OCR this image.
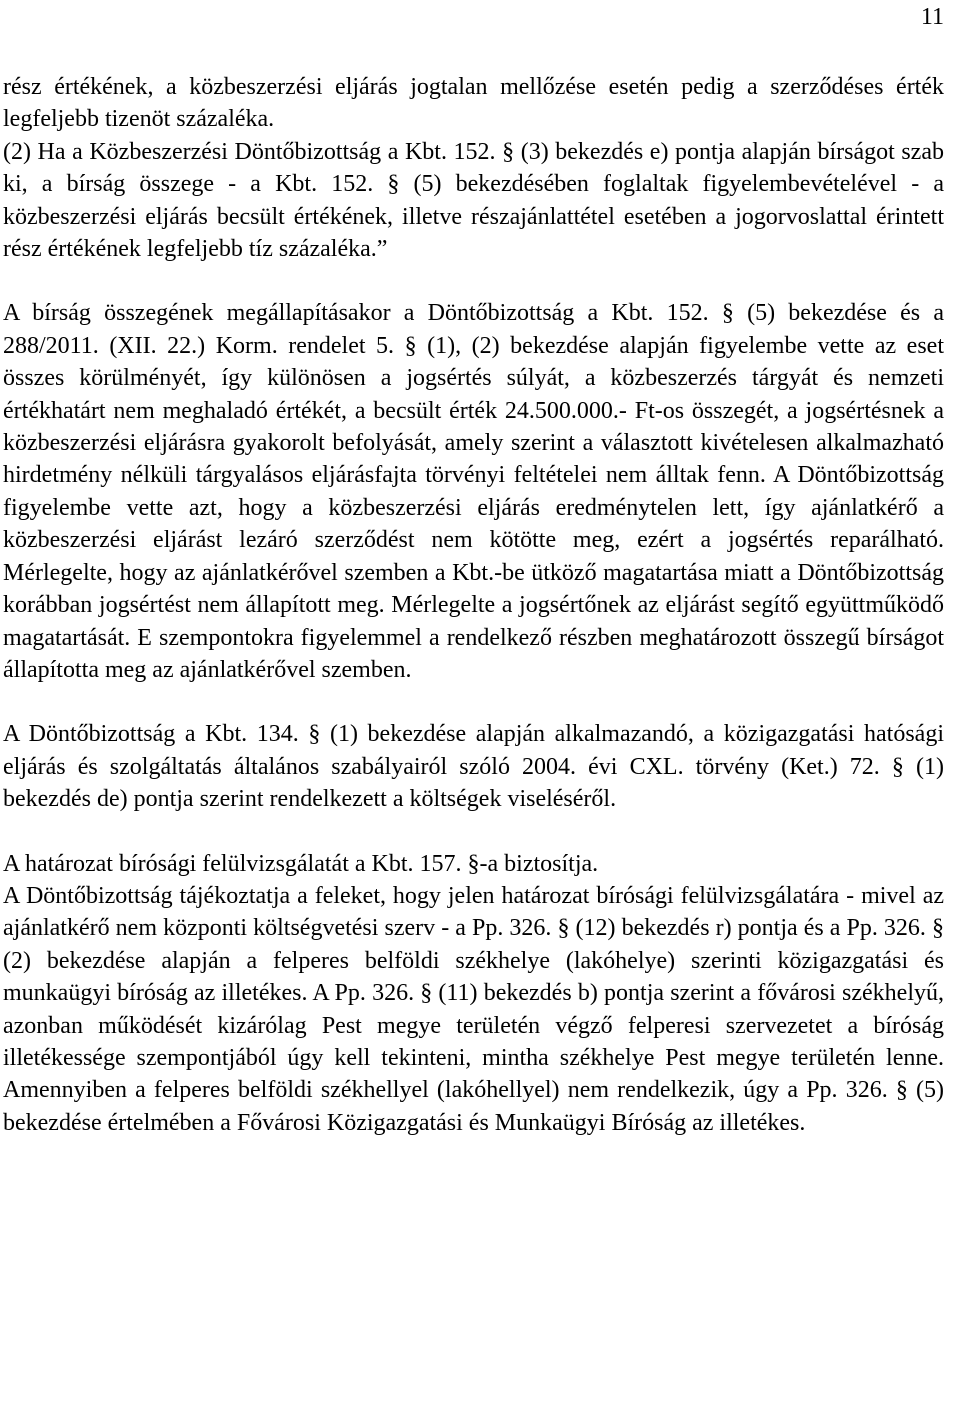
11

rész értékének, a közbeszerzési eljárás jogtalan mellőzése esetén pedig a szerződéses érték legfeljebb tizenöt százaléka.

(2) Ha a Közbeszerzési Döntőbizottság a Kbt. 152. § (3) bekezdés e) pontja alapján bírságot szab ki, a bírság összege - a Kbt. 152. § (5) bekezdésében foglaltak figyelembevételével - a közbeszerzési eljárás becsült értékének, illetve részajánlattétel esetében a jogorvoslattal érintett rész értékének legfeljebb tíz százaléka.”

A bírság összegének megállapításakor a Döntőbizottság a Kbt. 152. § (5) bekezdése és a 288/2011. (XII. 22.) Korm. rendelet 5. § (1), (2) bekezdése alapján figyelembe vette az eset összes körülményét, így különösen a jogsértés súlyát, a közbeszerzés tárgyát és nemzeti értékhatárt nem meghaladó értékét, a becsült érték 24.500.000.- Ft-os összegét, a jogsértésnek a közbeszerzési eljárásra gyakorolt befolyását, amely szerint a választott kivételesen alkalmazható hirdetmény nélküli tárgyalásos eljárásfajta törvényi feltételei nem álltak fenn. A Döntőbizottság figyelembe vette azt, hogy a közbeszerzési eljárás eredménytelen lett, így ajánlatkérő a közbeszerzési eljárást lezáró szerződést nem kötötte meg, ezért a jogsértés reparálható. Mérlegelte, hogy az ajánlatkérővel szemben a Kbt.-be ütköző magatartása miatt a Döntőbizottság korábban jogsértést nem állapított meg. Mérlegelte a jogsértőnek az eljárást segítő együttműködő magatartását. E szempontokra figyelemmel a rendelkező részben meghatározott összegű bírságot állapította meg az ajánlatkérővel szemben.

A Döntőbizottság a Kbt. 134. § (1) bekezdése alapján alkalmazandó, a közigazgatási hatósági eljárás és szolgáltatás általános szabályairól szóló 2004. évi CXL. törvény (Ket.) 72. § (1) bekezdés de) pontja szerint rendelkezett a költségek viseléséről.

A határozat bírósági felülvizsgálatát a Kbt. 157. §-a biztosítja.

A Döntőbizottság tájékoztatja a feleket, hogy jelen határozat bírósági felülvizsgálatára - mivel az ajánlatkérő nem központi költségvetési szerv - a Pp. 326. § (12) bekezdés r) pontja és a Pp. 326. § (2) bekezdése alapján a felperes belföldi székhelye (lakóhelye) szerinti közigazgatási és munkaügyi bíróság az illetékes. A Pp. 326. § (11) bekezdés b) pontja szerint a fővárosi székhelyű, azonban működését kizárólag Pest megye területén végző felperesi szervezetet a bíróság illetékessége szempontjából úgy kell tekinteni, mintha székhelye Pest megye területén lenne. Amennyiben a felperes belföldi székhellyel (lakóhellyel) nem rendelkezik, úgy a Pp. 326. § (5) bekezdése értelmében a Fővárosi Közigazgatási és Munkaügyi Bíróság az illetékes.
